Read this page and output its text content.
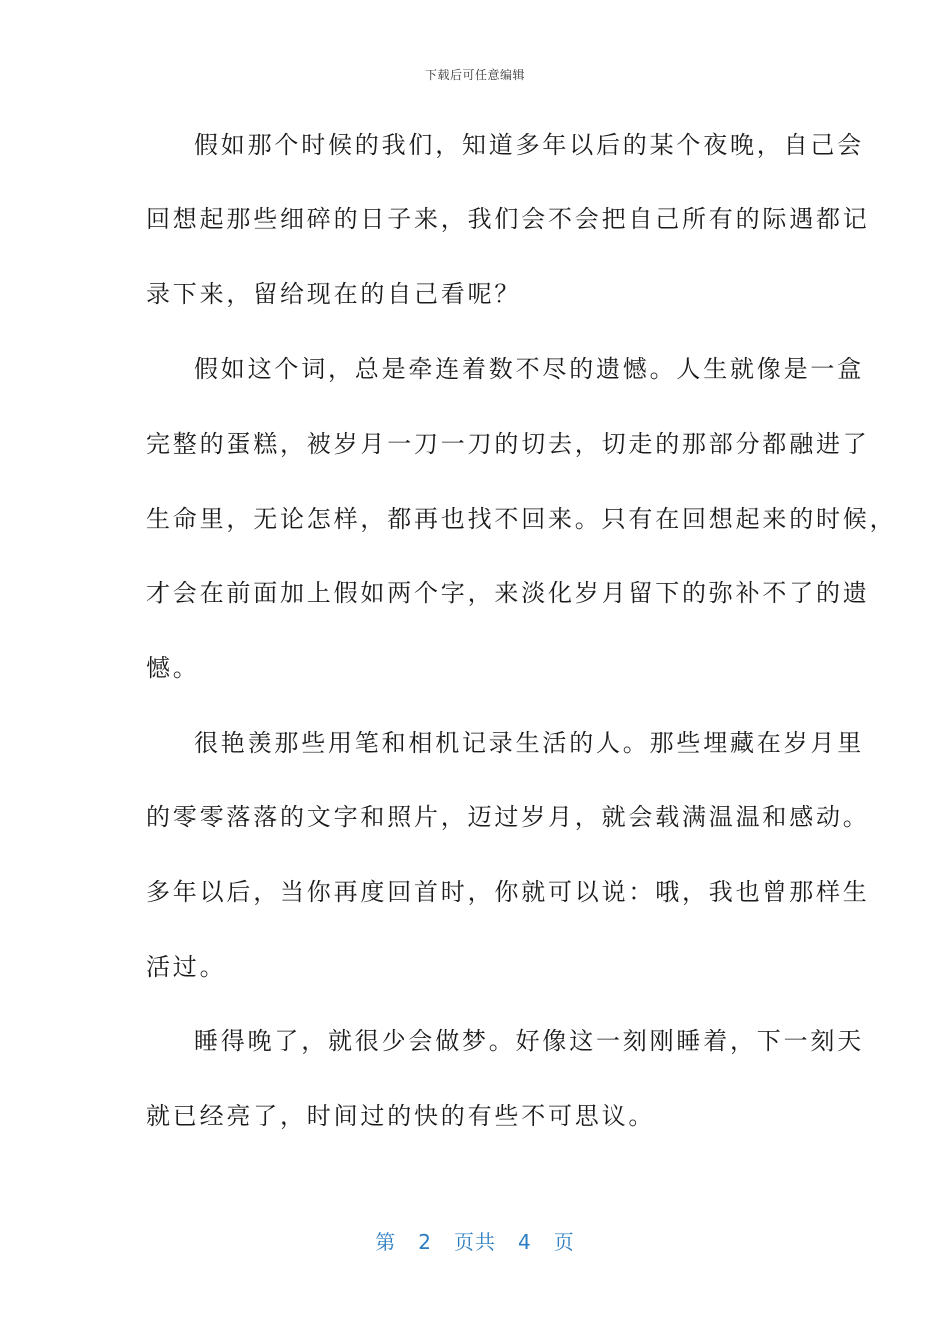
下载后可任意编辑
假如那个时候的我们，知道多年以后的某个夜晚，自己会
回想起那些细碎的日子来，我们会不会把自己所有的际遇都记
录下来，留给现在的自己看呢？
假如这个词，总是牵连着数不尽的遗憾。人生就像是一盒
完整的蛋糕，被岁月一刀一刀的切去，切走的那部分都融进了
生命里，无论怎样，都再也找不回来。只有在回想起来的时候，
才会在前面加上假如两个字，来淡化岁月留下的弥补不了的遗
憾。
很艳羡那些用笔和相机记录生活的人。那些埋藏在岁月里
的零零落落的文字和照片，迈过岁月，就会载满温温和感动。
多年以后，当你再度回首时，你就可以说：哦，我也曾那样生
活过。
睡得晚了，就很少会做梦。好像这一刻刚睡着，下一刻天
就已经亮了，时间过的快的有些不可思议。
第 2 页共 4 页
